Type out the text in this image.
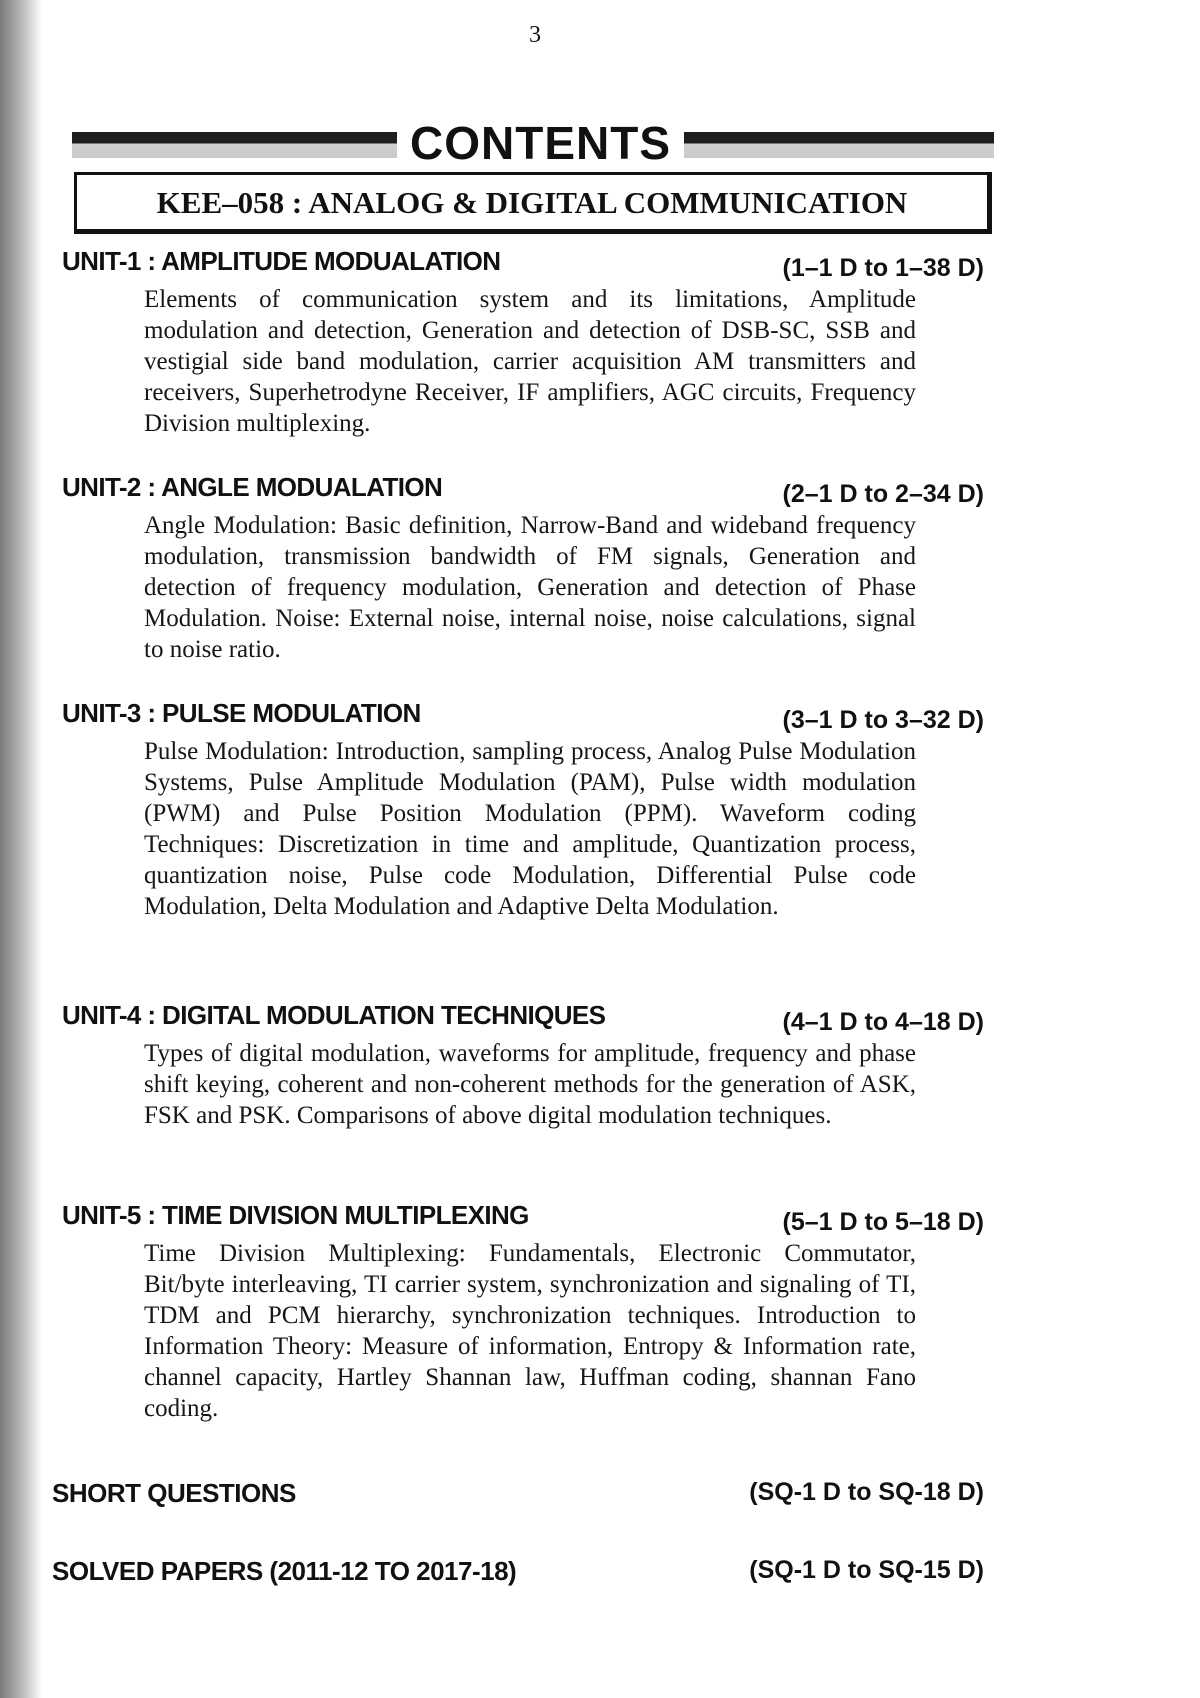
3
CONTENTS
KEE–058 : ANALOG & DIGITAL COMMUNICATION
UNIT-1 : AMPLITUDE MODUALATION	(1–1 D to 1–38 D)
Elements of communication system and its limitations, Amplitude modulation and detection, Generation and detection of DSB-SC, SSB and vestigial side band modulation, carrier acquisition AM transmitters and receivers, Superhetrodyne Receiver, IF amplifiers, AGC circuits, Frequency Division multiplexing.
UNIT-2 : ANGLE MODUALATION	(2–1 D to 2–34 D)
Angle Modulation: Basic definition, Narrow-Band and wideband frequency modulation, transmission bandwidth of FM signals, Generation and detection of frequency modulation, Generation and detection of Phase Modulation. Noise: External noise, internal noise, noise calculations, signal to noise ratio.
UNIT-3 : PULSE MODULATION	(3–1 D to 3–32 D)
Pulse Modulation: Introduction, sampling process, Analog Pulse Modulation Systems, Pulse Amplitude Modulation (PAM), Pulse width modulation (PWM) and Pulse Position Modulation (PPM). Waveform coding Techniques: Discretization in time and amplitude, Quantization process, quantization noise, Pulse code Modulation, Differential Pulse code Modulation, Delta Modulation and Adaptive Delta Modulation.
UNIT-4 : DIGITAL MODULATION TECHNIQUES	(4–1 D to 4–18 D)
Types of digital modulation, waveforms for amplitude, frequency and phase shift keying, coherent and non-coherent methods for the generation of ASK, FSK and PSK. Comparisons of above digital modulation techniques.
UNIT-5 : TIME DIVISION MULTIPLEXING	(5–1 D to 5–18 D)
Time Division Multiplexing: Fundamentals, Electronic Commutator, Bit/byte interleaving, TI carrier system, synchronization and signaling of TI, TDM and PCM hierarchy, synchronization techniques. Introduction to Information Theory: Measure of information, Entropy & Information rate, channel capacity, Hartley Shannan law, Huffman coding, shannan Fano coding.
SHORT QUESTIONS	(SQ-1 D to SQ-18 D)
SOLVED PAPERS (2011-12 TO 2017-18)	(SQ-1 D to SQ-15 D)
